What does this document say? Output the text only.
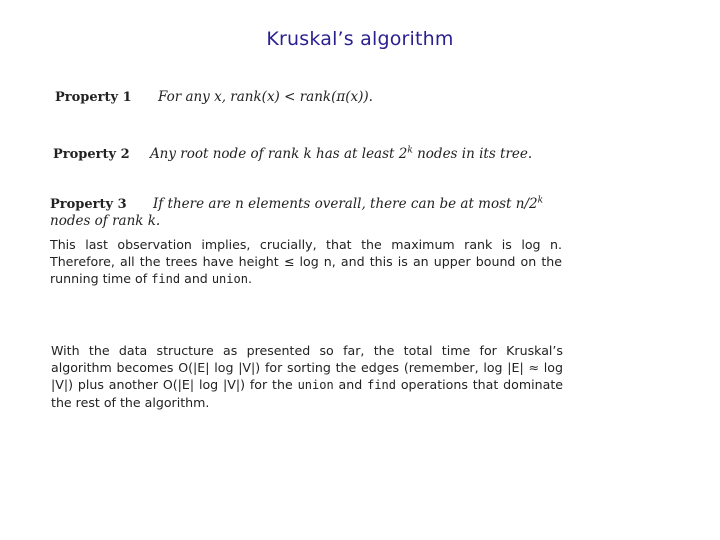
Kruskal’s algorithm
Property 1 For any x, rank(x) < rank(π(x)).
Property 2 Any root node of rank k has at least 2$^k$ nodes in its tree.
Property 3 If there are n elements overall, there can be at most n/2$^k$ nodes of rank k.
This last observation implies, crucially, that the maximum rank is log n. Therefore, all the trees have height ≤ log n, and this is an upper bound on the running time of find and union.
With the data structure as presented so far, the total time for Kruskal’s algorithm becomes O(|E| log |V|) for sorting the edges (remember, log |E| ≈ log |V|) plus another O(|E| log |V|) for the union and find operations that dominate the rest of the algorithm.
